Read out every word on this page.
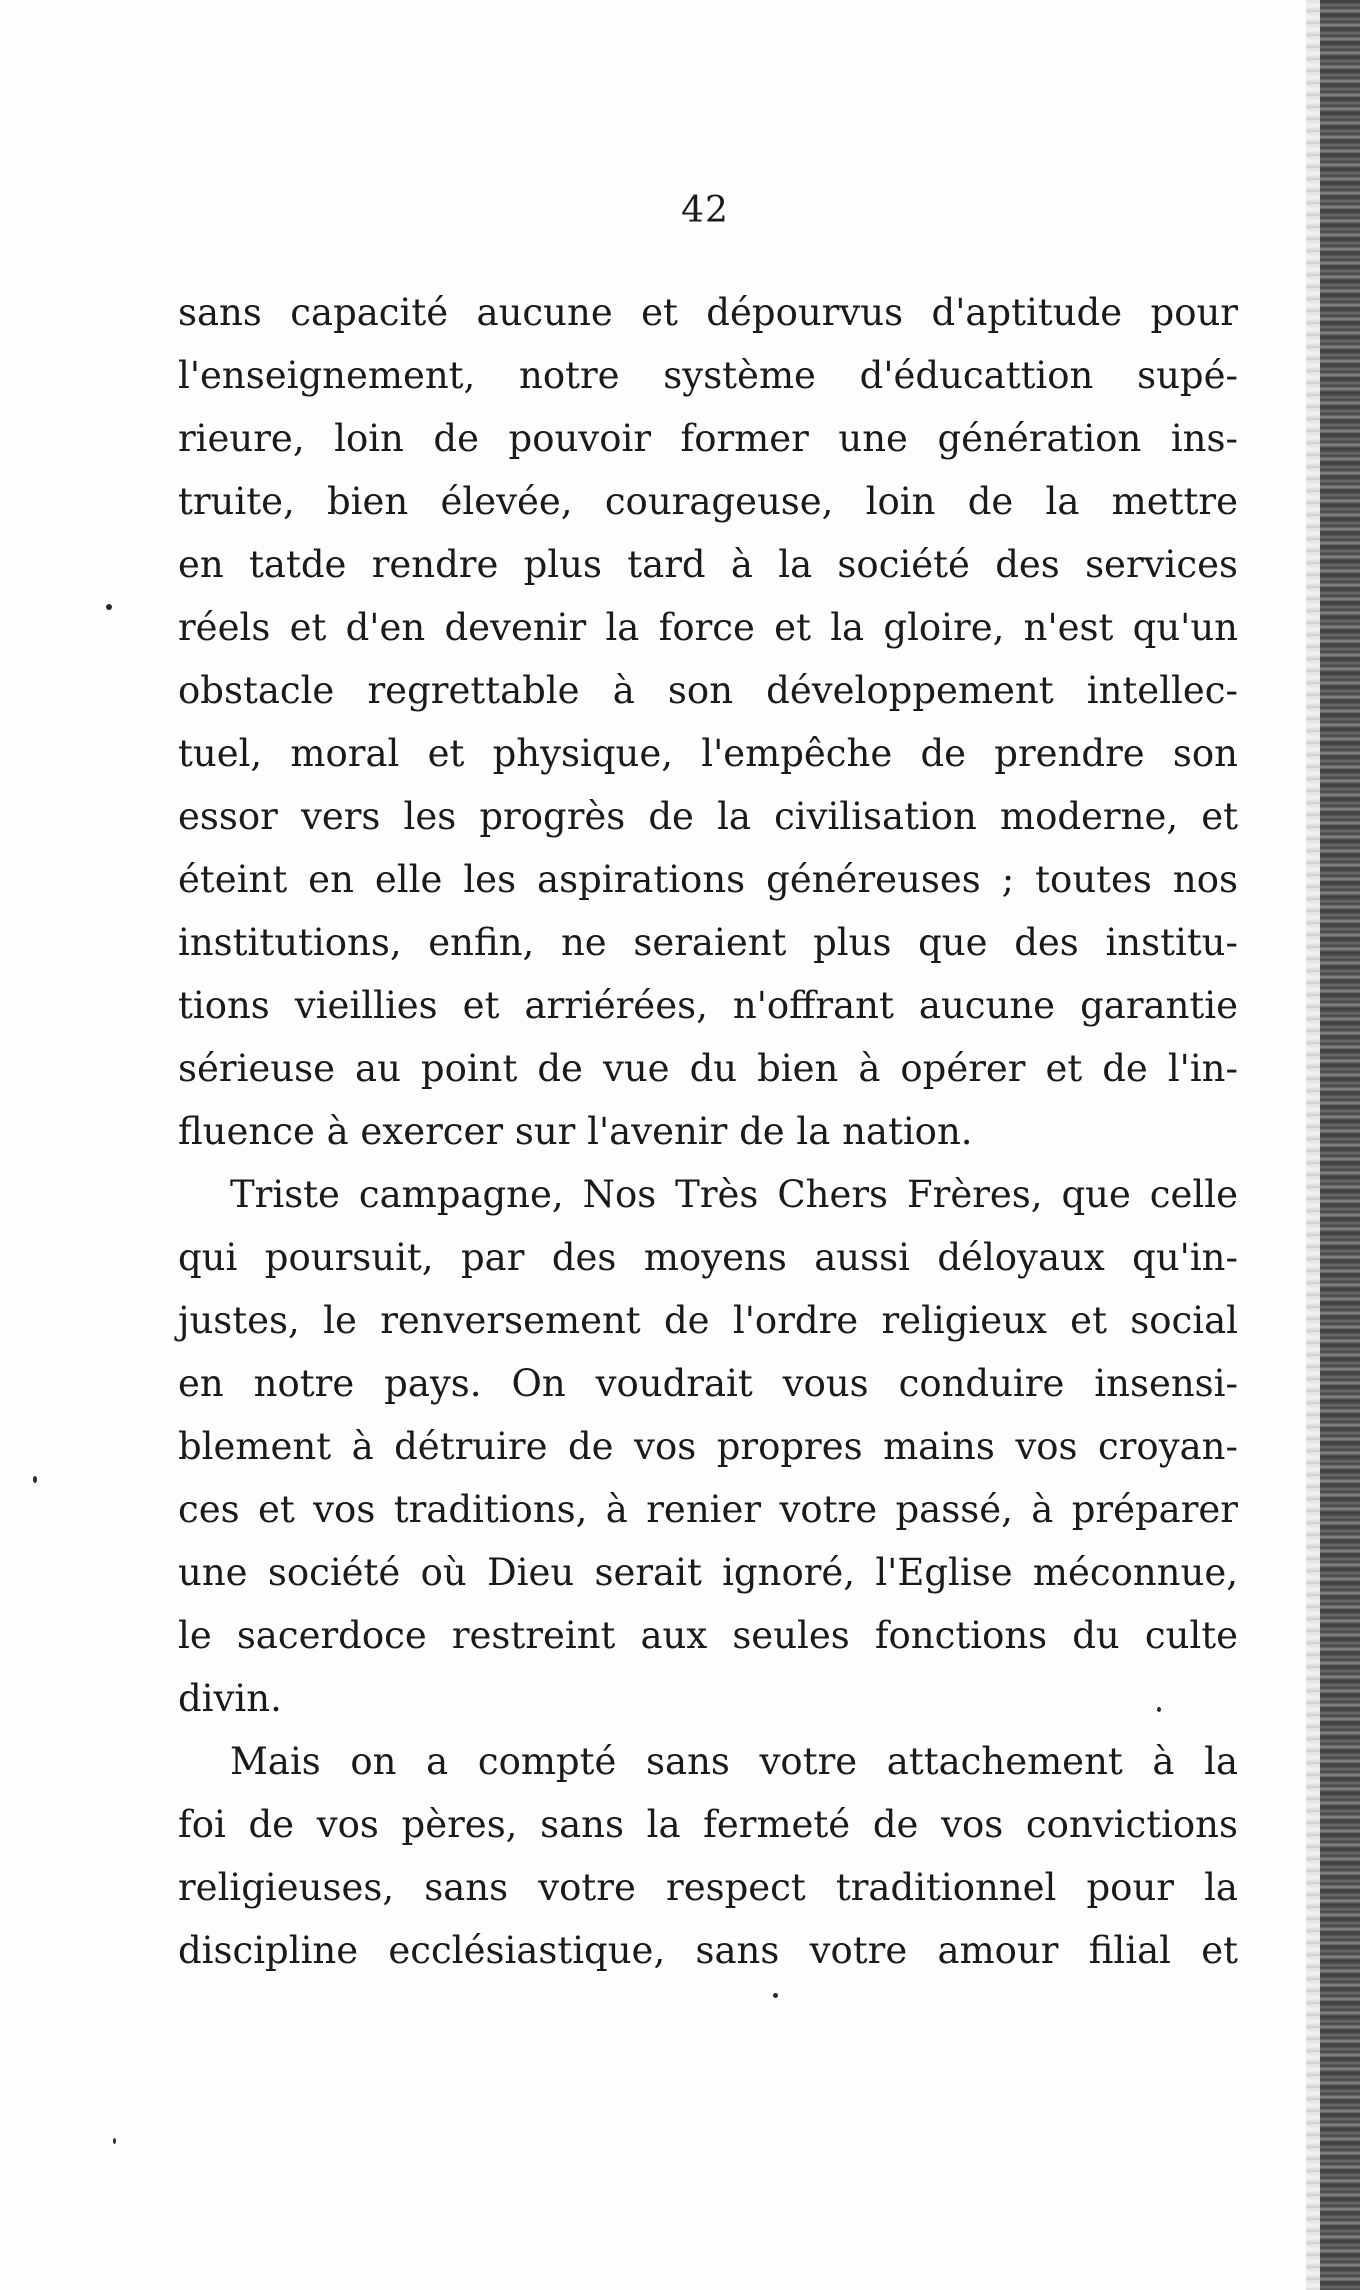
42
sans capacité aucune et dépourvus d'aptitude pour
l'enseignement, notre système d'éducattion supé-
rieure, loin de pouvoir former une génération ins-
truite, bien élevée, courageuse, loin de la mettre
en tatde rendre plus tard à la société des services
réels et d'en devenir la force et la gloire, n'est qu'un
obstacle regrettable à son développement intellec-
tuel, moral et physique, l'empêche de prendre son
essor vers les progrès de la civilisation moderne, et
éteint en elle les aspirations généreuses ; toutes nos
institutions, enfin, ne seraient plus que des institu-
tions vieillies et arriérées, n'offrant aucune garantie
sérieuse au point de vue du bien à opérer et de l'in-
fluence à exercer sur l'avenir de la nation.
Triste campagne, Nos Très Chers Frères, que celle
qui poursuit, par des moyens aussi déloyaux qu'in-
justes, le renversement de l'ordre religieux et social
en notre pays. On voudrait vous conduire insensi-
blement à détruire de vos propres mains vos croyan-
ces et vos traditions, à renier votre passé, à préparer
une société où Dieu serait ignoré, l'Eglise méconnue,
le sacerdoce restreint aux seules fonctions du culte
divin.
Mais on a compté sans votre attachement à la
foi de vos pères, sans la fermeté de vos convictions
religieuses, sans votre respect traditionnel pour la
discipline ecclésiastique, sans votre amour filial et
